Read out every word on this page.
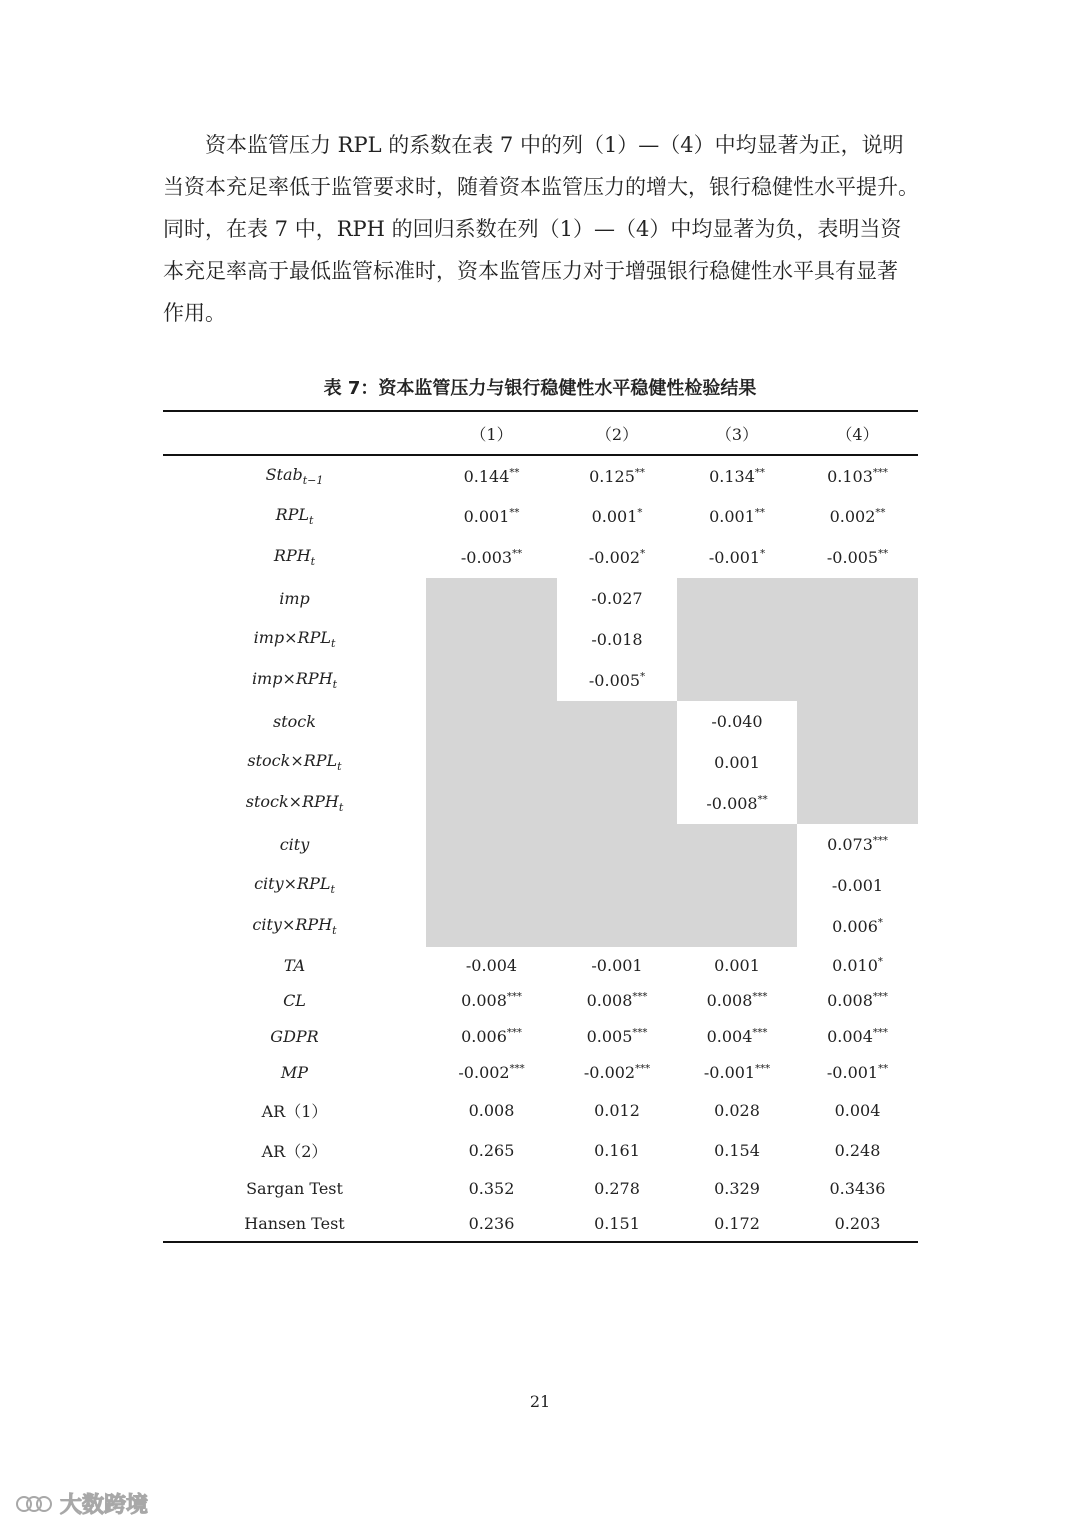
　　资本监管压力 RPL 的系数在表 7 中的列（1）—（4）中均显著为正，说明

当资本充足率低于监管要求时，随着资本监管压力的增大，银行稳健性水平提升。

同时，在表 7 中，RPH 的回归系数在列（1）—（4）中均显著为负，表明当资

本充足率高于最低监管标准时，资本监管压力对于增强银行稳健性水平具有显著

作用。

表 7：资本监管压力与银行稳健性水平稳健性检验结果
	（1）	（2）	（3）	（4）
Stab$_{t-1}$	0.144**	0.125**	0.134**	0.103***
$RPL_t$	0.001**	0.001*	0.001**	0.002**
$RPH_t$	-0.003**	-0.002*	-0.001*	-0.005**
imp		-0.027		
$imp\times RPL_t$		-0.018		
$imp\times RPH_t$		-0.005*		
stock			-0.040	
$stock\times RPL_t$			0.001	
$stock\times RPH_t$			-0.008**	
city				0.073***
$city\times RPL_t$				-0.001
$city\times RPH_t$				0.006*
TA	-0.004	-0.001	0.001	0.010*
CL	0.008***	0.008***	0.008***	0.008***
GDPR	0.006***	0.005***	0.004***	0.004***
MP	-0.002***	-0.002***	-0.001***	-0.001**
AR（1）	0.008	0.012	0.028	0.004
AR（2）	0.265	0.161	0.154	0.248
Sargan Test	0.352	0.278	0.329	0.3436
Hansen Test	0.236	0.151	0.172	0.203
21
大数跨境
